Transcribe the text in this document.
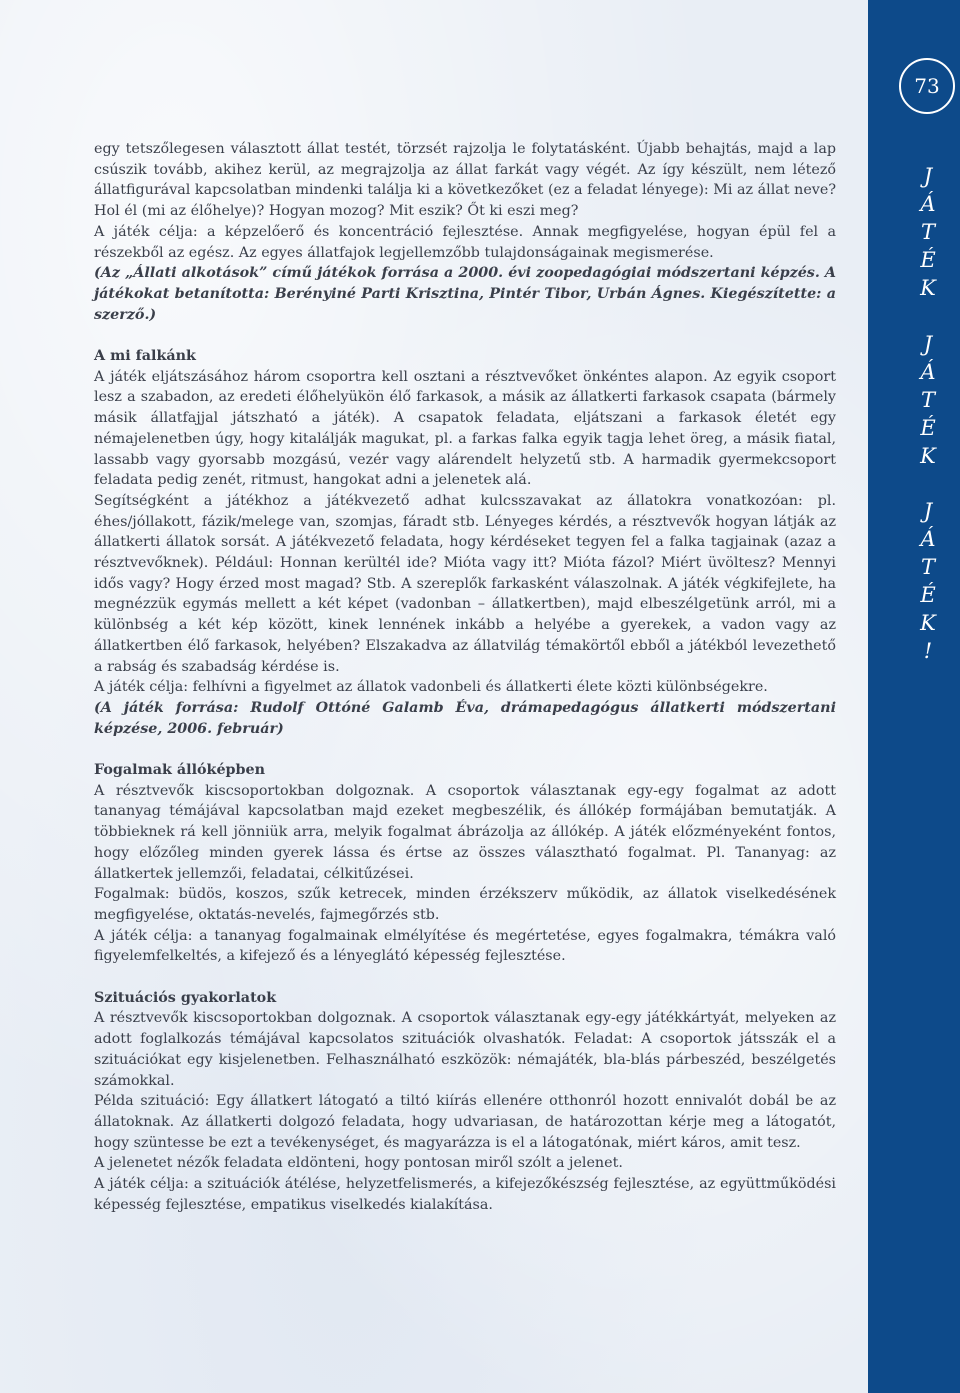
73
J
Á
T
É
K
J
Á
T
É
K
J
Á
T
É
K
!

egy tetszőlegesen választott állat testét, törzsét rajzolja le folytatásként. Újabb behajtás, majd a lap csúszik tovább, akihez kerül, az megrajzolja az állat farkát vagy végét. Az így készült, nem létező állatfigurával kapcsolatban mindenki találja ki a következőket (ez a feladat lényege): Mi az állat neve? Hol él (mi az élőhelye)? Hogyan mozog? Mit eszik? Őt ki eszi meg?

A játék célja: a képzelőerő és koncentráció fejlesztése. Annak megfigyelése, hogyan épül fel a részekből az egész. Az egyes állatfajok legjellemzőbb tulajdonságainak megismerése.

(Az „Állati alkotások” című játékok forrása a 2000. évi zoopedagógiai módszertani képzés. A játékokat betanította: Berényiné Parti Krisztina, Pintér Tibor, Urbán Ágnes. Kiegészítette: a szerző.)

A mi falkánk

A játék eljátszásához három csoportra kell osztani a résztvevőket önkéntes alapon. Az egyik csoport lesz a szabadon, az eredeti élőhelyükön élő farkasok, a másik az állatkerti farkasok csapata (bármely másik állatfajjal játszható a játék). A csapatok feladata, eljátszani a farkasok életét egy némajelenetben úgy, hogy kitalálják magukat, pl. a farkas falka egyik tagja lehet öreg, a másik fiatal, lassabb vagy gyorsabb mozgású, vezér vagy alárendelt helyzetű stb. A harmadik gyermekcsoport feladata pedig zenét, ritmust, hangokat adni a jelenetek alá.

Segítségként a játékhoz a játékvezető adhat kulcsszavakat az állatokra vonatkozóan: pl. éhes/jóllakott, fázik/melege van, szomjas, fáradt stb. Lényeges kérdés, a résztvevők hogyan látják az állatkerti állatok sorsát. A játékvezető feladata, hogy kérdéseket tegyen fel a falka tagjainak (azaz a résztvevőknek). Például: Honnan kerültél ide? Mióta vagy itt? Mióta fázol? Miért üvöltesz? Mennyi idős vagy? Hogy érzed most magad? Stb. A szereplők farkasként válaszolnak. A játék végkifejlete, ha megnézzük egymás mellett a két képet (vadonban – állatkertben), majd elbeszélgetünk arról, mi a különbség a két kép között, kinek lennének inkább a helyébe a gyerekek, a vadon vagy az állatkertben élő farkasok, helyében? Elszakadva az állatvilág témakörtől ebből a játékból levezethető a rabság és szabadság kérdése is.

A játék célja: felhívni a figyelmet az állatok vadonbeli és állatkerti élete közti különbségekre.

(A játék forrása: Rudolf Ottóné Galamb Éva, drámapedagógus állatkerti módszertani képzése, 2006. február)

Fogalmak állóképben

A résztvevők kiscsoportokban dolgoznak. A csoportok választanak egy-egy fogalmat az adott tananyag témájával kapcsolatban majd ezeket megbeszélik, és állókép formájában bemutatják. A többieknek rá kell jönniük arra, melyik fogalmat ábrázolja az állókép. A játék előzményeként fontos, hogy előzőleg minden gyerek lássa és értse az összes választható fogalmat. Pl. Tananyag: az állatkertek jellemzői, feladatai, célkitűzései.

Fogalmak: büdös, koszos, szűk ketrecek, minden érzékszerv működik, az állatok viselkedésének megfigyelése, oktatás-nevelés, fajmegőrzés stb.

A játék célja: a tananyag fogalmainak elmélyítése és megértetése, egyes fogalmakra, témákra való figyelemfelkeltés, a kifejező és a lényeglátó képesség fejlesztése.

Szituációs gyakorlatok

A résztvevők kiscsoportokban dolgoznak. A csoportok választanak egy-egy játékkártyát, melyeken az adott foglalkozás témájával kapcsolatos szituációk olvashatók. Feladat: A csoportok játsszák el a szituációkat egy kisjelenetben. Felhasználható eszközök: némajáték, bla-blás párbeszéd, beszélgetés számokkal.

Példa szituáció: Egy állatkert látogató a tiltó kiírás ellenére otthonról hozott ennivalót dobál be az állatoknak. Az állatkerti dolgozó feladata, hogy udvariasan, de határozottan kérje meg a látogatót, hogy szüntesse be ezt a tevékenységet, és magyarázza is el a látogatónak, miért káros, amit tesz.

A jelenetet nézők feladata eldönteni, hogy pontosan miről szólt a jelenet.

A játék célja: a szituációk átélése, helyzetfelismerés, a kifejezőkészség fejlesztése, az együttműködési képesség fejlesztése, empatikus viselkedés kialakítása.
